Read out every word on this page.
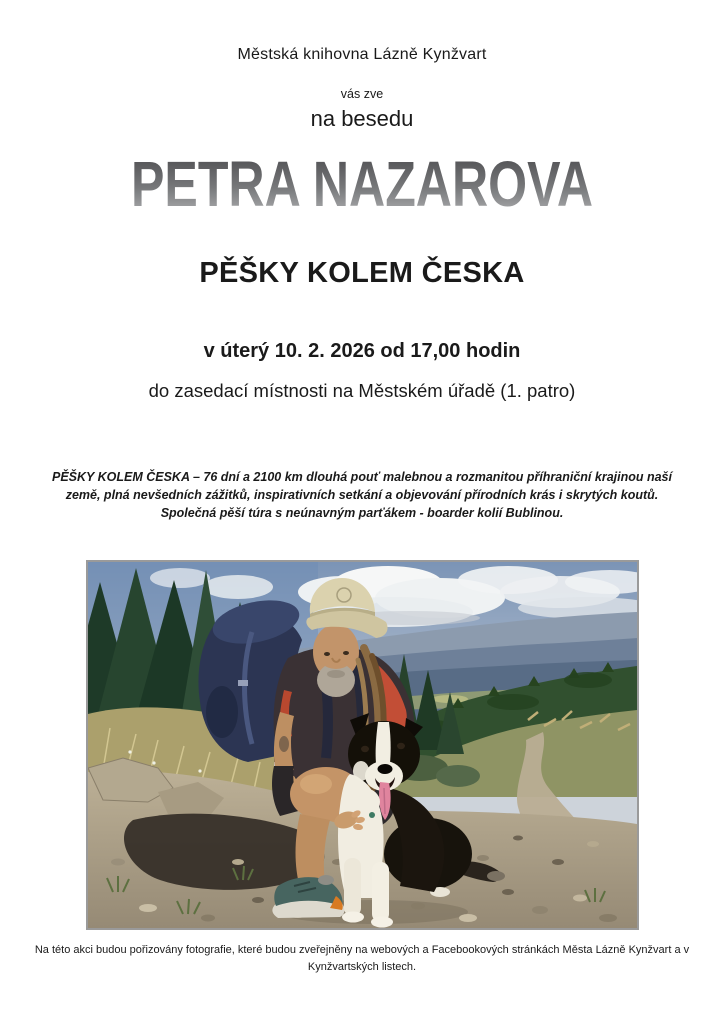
Městská knihovna Lázně Kynžvart
vás zve
na besedu
PETRA NAZAROVA
PĚŠKY KOLEM ČESKA
v úterý 10. 2. 2026 od 17,00 hodin
do zasedací místnosti na Městském úřadě (1. patro)
PĚŠKY KOLEM ČESKA – 76 dní a 2100 km dlouhá pouť malebnou a rozmanitou příhraniční krajinou naší země, plná nevšedních zážitků, inspirativních setkání a objevování přírodních krás i skrytých koutů. Společná pěší túra s neúnavným parťákem - boarder kolií Bublinou.
Na této akci budou pořizovány fotografie, které budou zveřejněny na webových a Facebookových stránkách Města Lázně Kynžvart a v Kynžvartských listech.
